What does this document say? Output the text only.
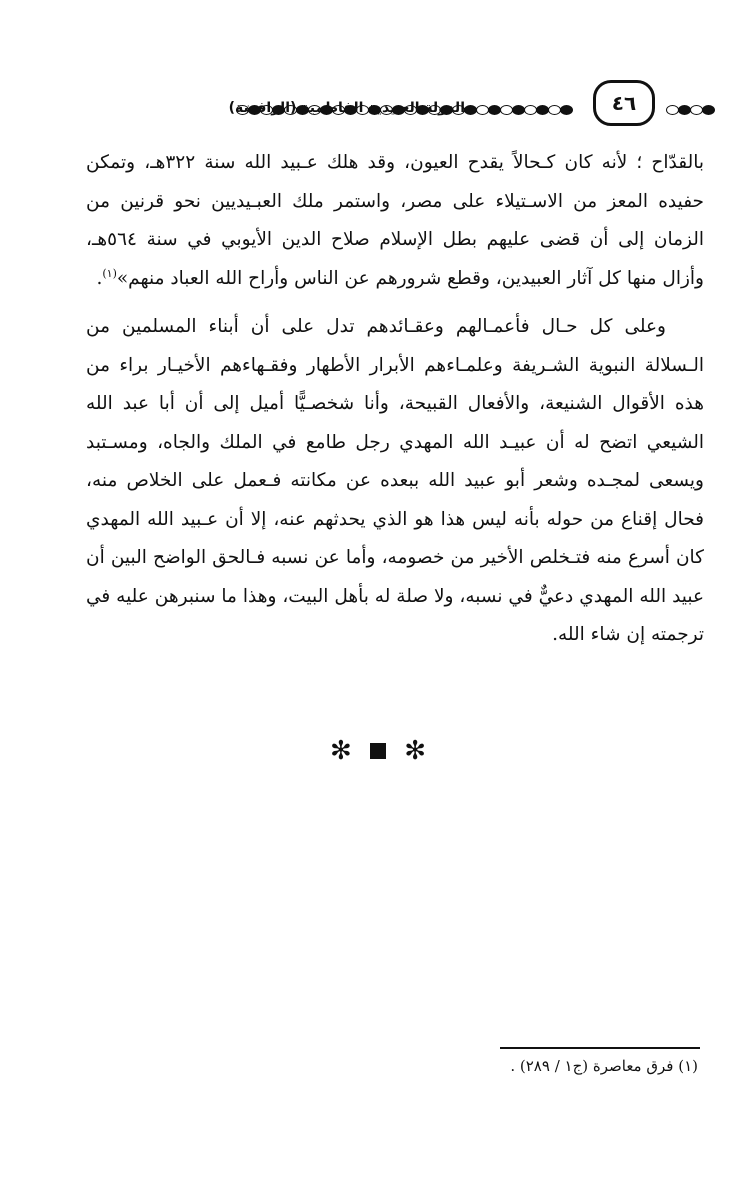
الدولة العبيدية الفاطمية (الرافضة)	٤٦

بالقدّاح ؛ لأنه كان كـحالاً يقدح العيون، وقد هلك عـبيد الله سنة ٣٢٢هـ، وتمكن حفيده المعز من الاسـتيلاء على مصر، واستمر ملك العبـيديين نحو قرنين من الزمان إلى أن قضى عليهم بطل الإسلام صلاح الدين الأيوبي في سنة ٥٦٤هـ، وأزال منها كل آثار العبيدين، وقطع شرورهم عن الناس وأراح الله العباد منهم»$^{(١)}$.

وعلى كل حـال فأعمـالهم وعقـائدهم تدل على أن أبناء المسلمين من الـسلالة النبوية الشـريفة وعلمـاءهم الأبرار الأطهار وفقـهاءهم الأخيـار براء من هذه الأقوال الشنيعة، والأفعال القبيحة، وأنا شخصـيًّا أميل إلى أن أبا عبد الله الشيعي اتضح له أن عبيـد الله المهدي رجل طامع في الملك والجاه، ومسـتبد ويسعى لمجـده وشعر أبو عبيد الله ببعده عن مكانته فـعمل على الخلاص منه، فحال إقناع من حوله بأنه ليس هذا هو الذي يحدثهم عنه، إلا أن عـبيد الله المهدي كان أسرع منه فتـخلص الأخير من خصومه، وأما عن نسبه فـالحق الواضح البين أن عبيد الله المهدي دعيٌّ في نسبه، ولا صلة له بأهل البيت، وهذا ما سنبرهن عليه في ترجمته إن شاء الله.

✻ ✻
(١) فرق معاصرة (ج١ / ٢٨٩) .
